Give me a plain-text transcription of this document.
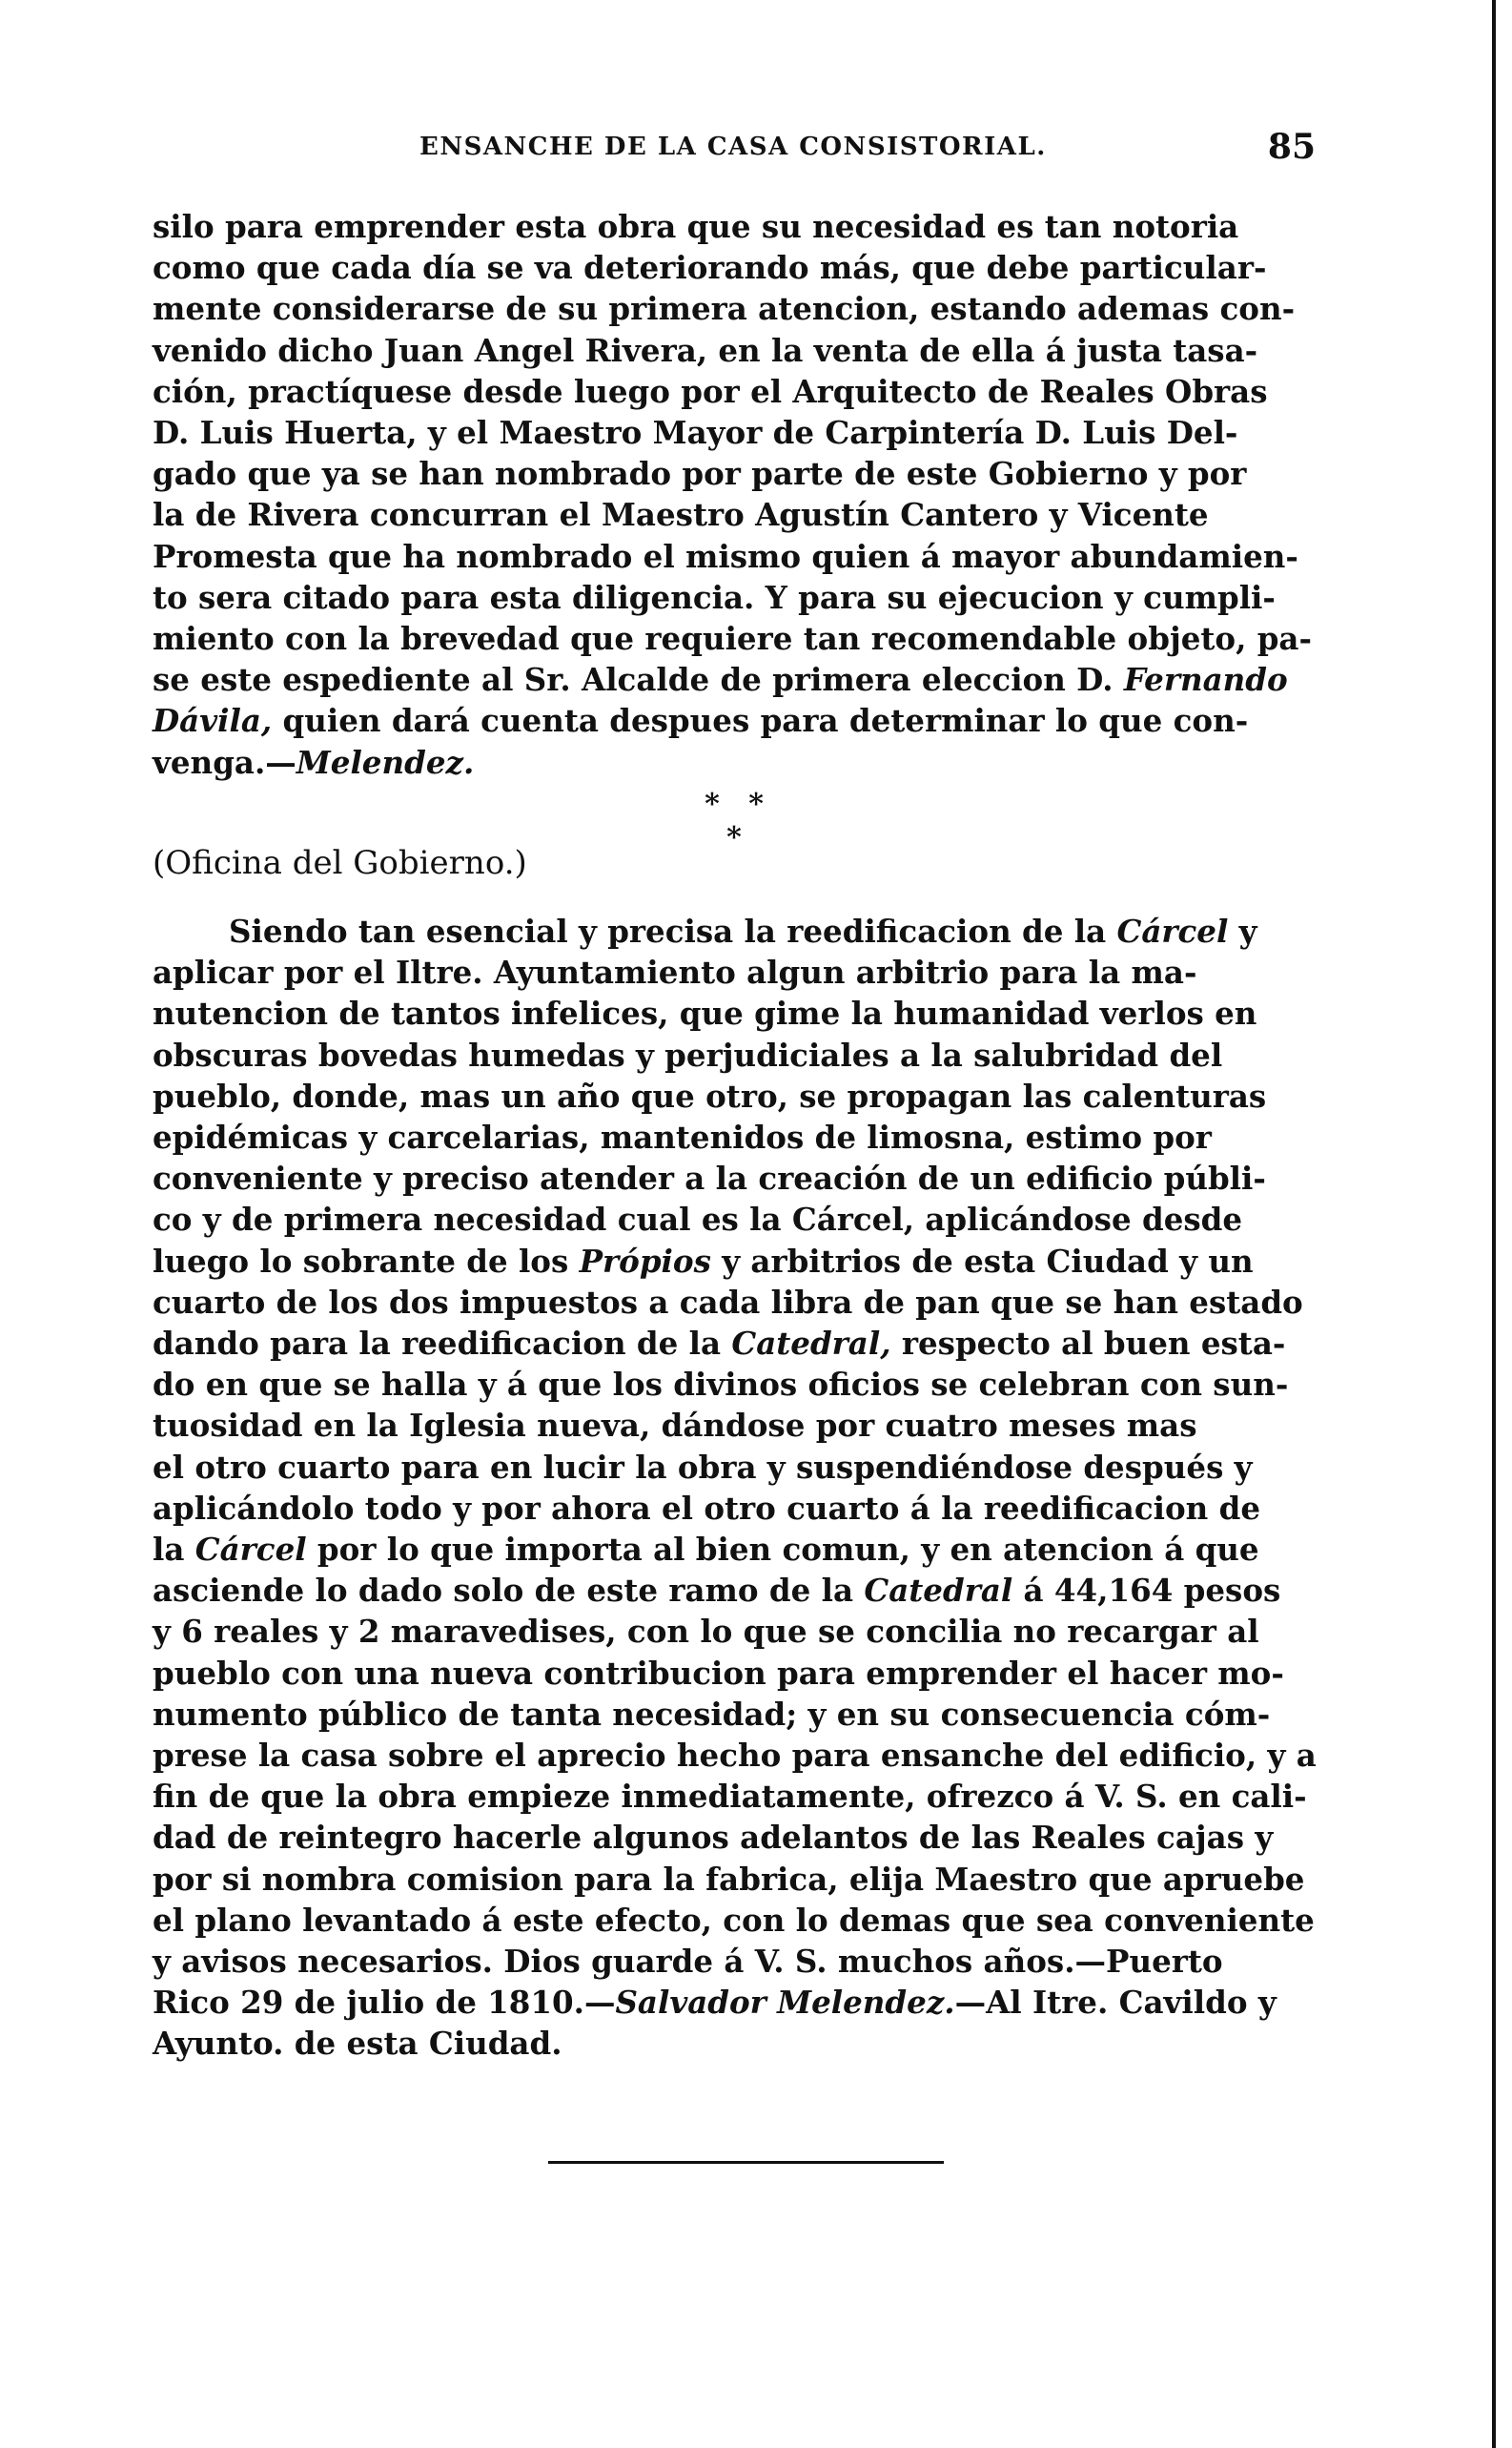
ENSANCHE DE LA CASA CONSISTORIAL.	85

silo para emprender esta obra que su necesidad es tan notoria
como que cada día se va deteriorando más, que debe particular-
mente considerarse de su primera atencion, estando ademas con-
venido dicho Juan Angel Rivera, en la venta de ella á justa tasa-
ción, practíquese desde luego por el Arquitecto de Reales Obras
D. Luis Huerta, y el Maestro Mayor de Carpintería D. Luis Del-
gado que ya se han nombrado por parte de este Gobierno y por
la de Rivera concurran el Maestro Agustín Cantero y Vicente
Promesta que ha nombrado el mismo quien á mayor abundamien-
to sera citado para esta diligencia. Y para su ejecucion y cumpli-
miento con la brevedad que requiere tan recomendable objeto, pa-
se este espediente al Sr. Alcalde de primera eleccion D. Fernando
Dávila, quien dará cuenta despues para determinar lo que con-
venga.—Melendez.

* * *
(Oficina del Gobierno.)

Siendo tan esencial y precisa la reedificacion de la Cárcel y
aplicar por el Iltre. Ayuntamiento algun arbitrio para la ma-
nutencion de tantos infelices, que gime la humanidad verlos en
obscuras bovedas humedas y perjudiciales a la salubridad del
pueblo, donde, mas un año que otro, se propagan las calenturas
epidémicas y carcelarias, mantenidos de limosna, estimo por
conveniente y preciso atender a la creación de un edificio públi-
co y de primera necesidad cual es la Cárcel, aplicándose desde
luego lo sobrante de los Própios y arbitrios de esta Ciudad y un
cuarto de los dos impuestos a cada libra de pan que se han estado
dando para la reedificacion de la Catedral, respecto al buen esta-
do en que se halla y á que los divinos oficios se celebran con sun-
tuosidad en la Iglesia nueva, dándose por cuatro meses mas
el otro cuarto para en lucir la obra y suspendiéndose después y
aplicándolo todo y por ahora el otro cuarto á la reedificacion de
la Cárcel por lo que importa al bien comun, y en atencion á que
asciende lo dado solo de este ramo de la Catedral á 44,164 pesos
y 6 reales y 2 maravedises, con lo que se concilia no recargar al
pueblo con una nueva contribucion para emprender el hacer mo-
numento público de tanta necesidad; y en su consecuencia cóm-
prese la casa sobre el aprecio hecho para ensanche del edificio, y a
fin de que la obra empieze inmediatamente, ofrezco á V. S. en cali-
dad de reintegro hacerle algunos adelantos de las Reales cajas y
por si nombra comision para la fabrica, elija Maestro que apruebe
el plano levantado á este efecto, con lo demas que sea conveniente
y avisos necesarios. Dios guarde á V. S. muchos años.—Puerto
Rico 29 de julio de 1810.—Salvador Melendez.—Al Itre. Cavildo y
Ayunto. de esta Ciudad.
